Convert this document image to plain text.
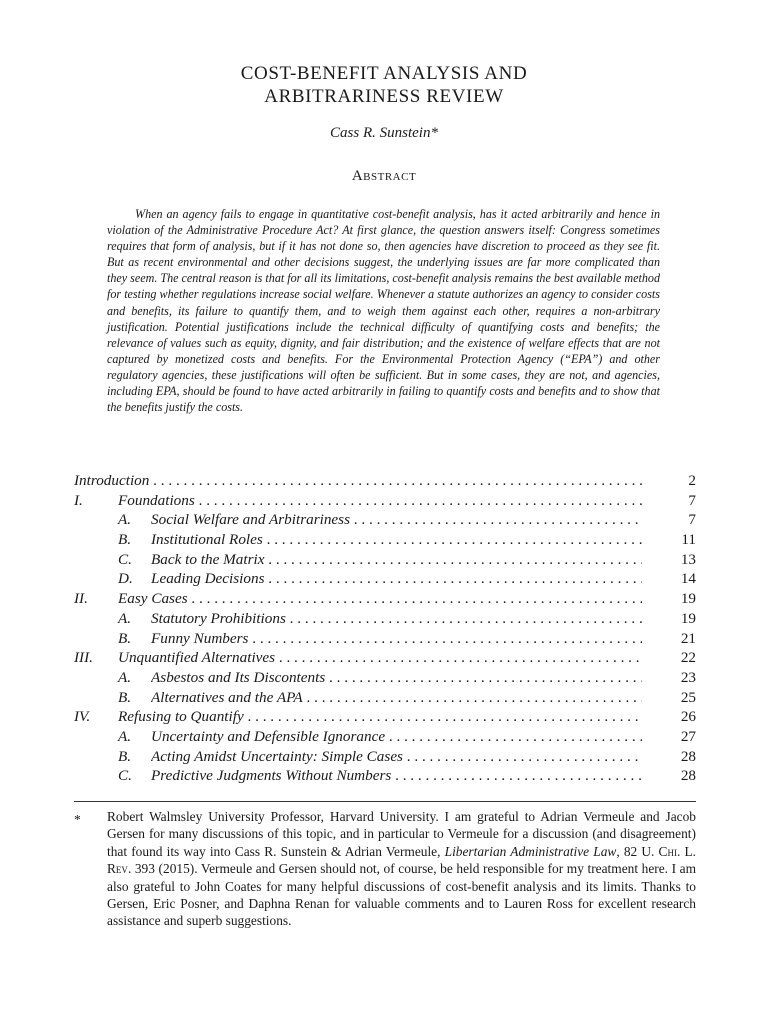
COST-BENEFIT ANALYSIS AND
ARBITRARINESS REVIEW
Cass R. Sunstein*
Abstract

When an agency fails to engage in quantitative cost-benefit analysis, has it acted arbitrarily and hence in violation of the Administrative Procedure Act? At first glance, the question answers itself: Congress sometimes requires that form of analysis, but if it has not done so, then agencies have discretion to proceed as they see fit. But as recent environmental and other decisions suggest, the underlying issues are far more complicated than they seem. The central reason is that for all its limitations, cost-benefit analysis remains the best available method for testing whether regulations increase social welfare. Whenever a statute authorizes an agency to consider costs and benefits, its failure to quantify them, and to weigh them against each other, requires a non-arbitrary justification. Potential justifications include the technical difficulty of quantifying costs and benefits; the relevance of values such as equity, dignity, and fair distribution; and the existence of welfare effects that are not captured by monetized costs and benefits. For the Environmental Protection Agency (“EPA”) and other regulatory agencies, these justifications will often be sufficient. But in some cases, they are not, and agencies, including EPA, should be found to have acted arbitrarily in failing to quantify costs and benefits and to show that the benefits justify the costs.

Introduction . . .	2
I. Foundations . . .	7
A. Social Welfare and Arbitrariness . . .	7
B. Institutional Roles . . .	11
C. Back to the Matrix . . .	13
D. Leading Decisions . . .	14
II. Easy Cases . . .	19
A. Statutory Prohibitions . . .	19
B. Funny Numbers . . .	21
III. Unquantified Alternatives . . .	22
A. Asbestos and Its Discontents . . .	23
B. Alternatives and the APA . . .	25
IV. Refusing to Quantify . . .	26
A. Uncertainty and Defensible Ignorance . . .	27
B. Acting Amidst Uncertainty: Simple Cases . . .	28
C. Predictive Judgments Without Numbers . . .	28
* Robert Walmsley University Professor, Harvard University. I am grateful to Adrian Vermeule and Jacob Gersen for many discussions of this topic, and in particular to Vermeule for a discussion (and disagreement) that found its way into Cass R. Sunstein & Adrian Vermeule, Libertarian Administrative Law, 82 U. Chi. L. Rev. 393 (2015). Vermeule and Gersen should not, of course, be held responsible for my treatment here. I am also grateful to John Coates for many helpful discussions of cost-benefit analysis and its limits. Thanks to Gersen, Eric Posner, and Daphna Renan for valuable comments and to Lauren Ross for excellent research assistance and superb suggestions.
